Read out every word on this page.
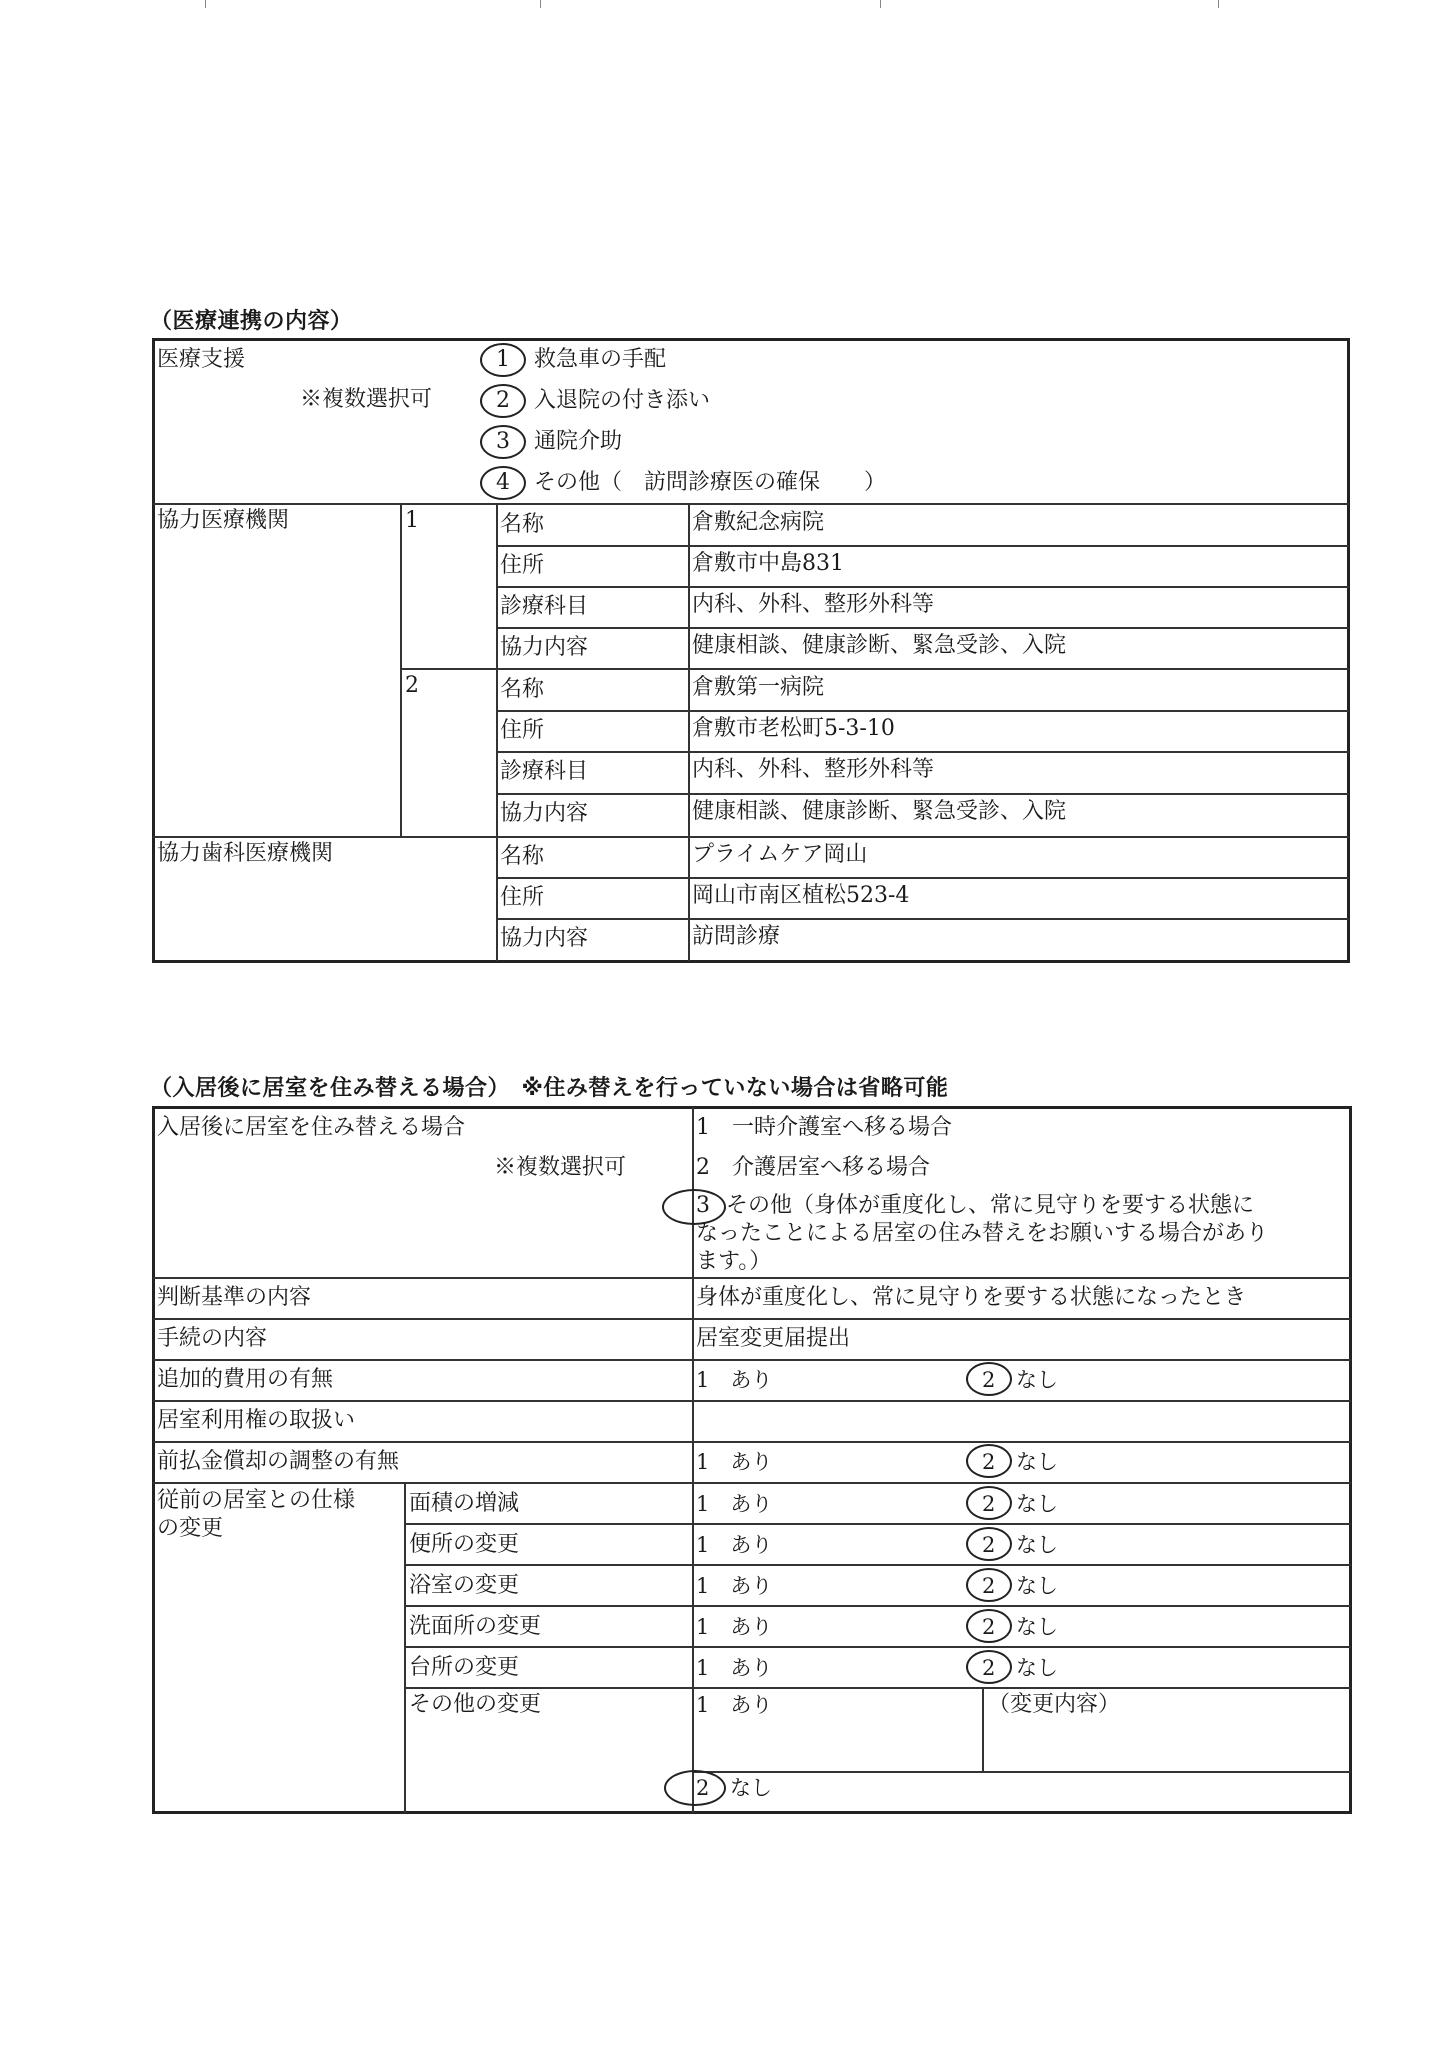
（医療連携の内容）
医療支援
※複数選択可
1 救急車の手配
2 入退院の付き添い
3 通院介助
4 その他（　訪問診療医の確保　　）
協力医療機関	1	名称	倉敷紀念病院
住所	倉敷市中島831
診療科目	内科、外科、整形外科等
協力内容	健康相談、健康診断、緊急受診、入院
2	名称	倉敷第一病院
住所	倉敷市老松町5-3-10
診療科目	内科、外科、整形外科等
協力内容	健康相談、健康診断、緊急受診、入院
協力歯科医療機関	名称	プライムケア岡山
住所	岡山市南区植松523-4
協力内容	訪問診療
（入居後に居室を住み替える場合）　※住み替えを行っていない場合は省略可能
入居後に居室を住み替える場合
※複数選択可
1　一時介護室へ移る場合
2　介護居室へ移る場合
3 その他（身体が重度化し、常に見守りを要する状態に
なったことによる居室の住み替えをお願いする場合があり
ます。）
判断基準の内容	身体が重度化し、常に見守りを要する状態になったとき
手続の内容	居室変更届提出
追加的費用の有無	1　あり	2 なし
居室利用権の取扱い
前払金償却の調整の有無	1　あり	2 なし
従前の居室との仕様
の変更
面積の増減	1　あり	2 なし
便所の変更	1　あり	2 なし
浴室の変更	1　あり	2 なし
洗面所の変更	1　あり	2 なし
台所の変更	1　あり	2 なし
その他の変更	1　あり	（変更内容）
2 なし
